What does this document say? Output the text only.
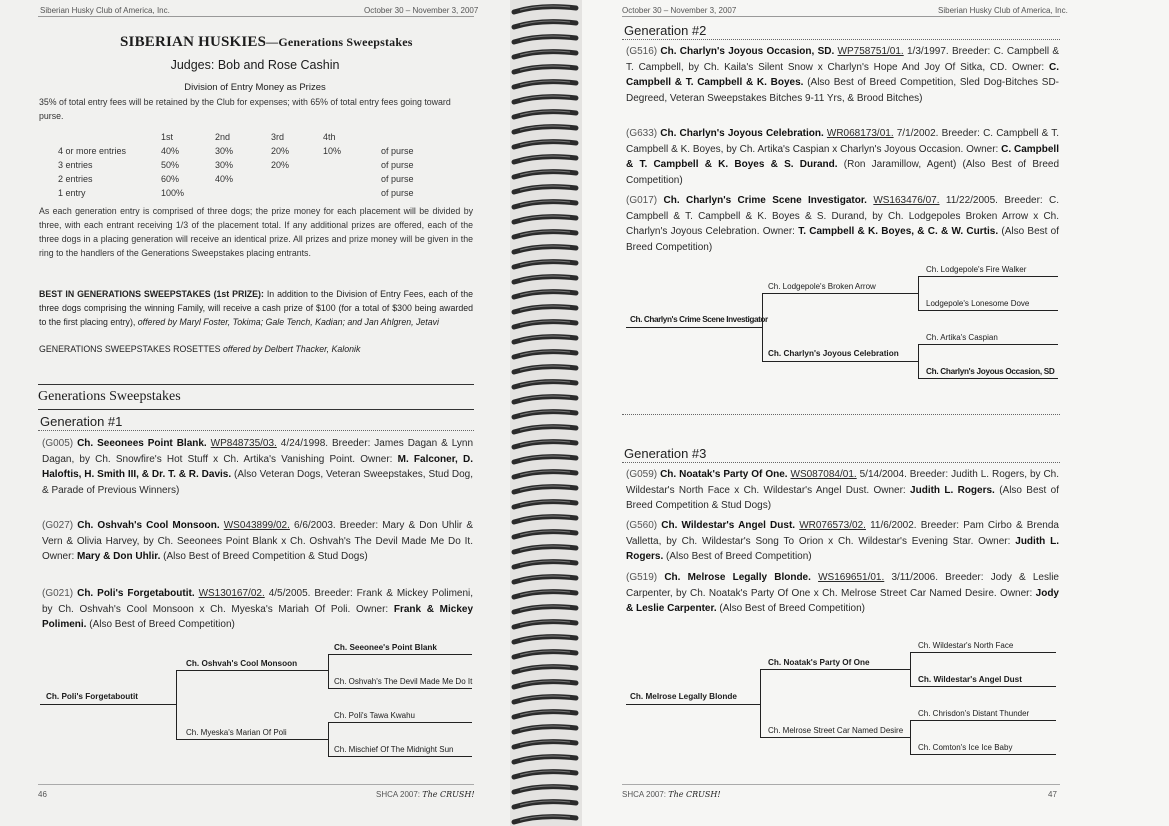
Siberian Husky Club of America, Inc.	October 30 – November 3, 2007
SIBERIAN HUSKIES—Generations Sweepstakes
Judges: Bob and Rose Cashin
Division of Entry Money as Prizes
35% of total entry fees will be retained by the Club for expenses; with 65% of total entry fees going toward purse.
	1st	2nd	3rd	4th	
4 or more entries	40%	30%	20%	10%	of purse
3 entries	50%	30%	20%		of purse
2 entries	60%	40%			of purse
1 entry	100%				of purse
As each generation entry is comprised of three dogs; the prize money for each placement will be divided by three, with each entrant receiving 1/3 of the placement total. If any additional prizes are offered, each of the three dogs in a placing generation will receive an identical prize. All prizes and prize money will be given in the ring to the handlers of the Generations Sweepstakes placing entrants.
BEST IN GENERATIONS SWEEPSTAKES (1st PRIZE): In addition to the Division of Entry Fees, each of the three dogs comprising the winning Family, will receive a cash prize of $100 (for a total of $300 being awarded to the first placing entry), offered by Maryl Foster, Tokima; Gale Tench, Kadian; and Jan Ahlgren, Jetavi
GENERATIONS SWEEPSTAKES ROSETTES offered by Delbert Thacker, Kalonik
Generations Sweepstakes
Generation #1
(G005) Ch. Seeonees Point Blank. WP848735/03. 4/24/1998. Breeder: James Dagan & Lynn Dagan, by Ch. Snowfire's Hot Stuff x Ch. Artika's Vanishing Point. Owner: M. Falconer, D. Haloftis, H. Smith III, & Dr. T. & R. Davis. (Also Veteran Dogs, Veteran Sweepstakes, Stud Dog, & Parade of Previous Winners)
(G027) Ch. Oshvah's Cool Monsoon. WS043899/02. 6/6/2003. Breeder: Mary & Don Uhlir & Vern & Olivia Harvey, by Ch. Seeonees Point Blank x Ch. Oshvah's The Devil Made Me Do It. Owner: Mary & Don Uhlir. (Also Best of Breed Competition & Stud Dogs)
(G021) Ch. Poli's Forgetaboutit. WS130167/02. 4/5/2005. Breeder: Frank & Mickey Polimeni, by Ch. Oshvah's Cool Monsoon x Ch. Myeska's Mariah Of Poli. Owner: Frank & Mickey Polimeni. (Also Best of Breed Competition)
Ch. Poli's Forgetaboutit
Ch. Oshvah's Cool Monsoon
Ch. Myeska's Marian Of Poli
Ch. Seeonee's Point Blank
Ch. Oshvah's The Devil Made Me Do It
Ch. Poli's Tawa Kwahu
Ch. Mischief Of The Midnight Sun
46	SHCA 2007: The CRUSH!
October 30 – November 3, 2007	Siberian Husky Club of America, Inc.
Generation #2
(G516) Ch. Charlyn's Joyous Occasion, SD. WP758751/01. 1/3/1997. Breeder: C. Campbell & T. Campbell, by Ch. Kaila's Silent Snow x Charlyn's Hope And Joy Of Sitka, CD. Owner: C. Campbell & T. Campbell & K. Boyes. (Also Best of Breed Competition, Sled Dog-Bitches SD-Degreed, Veteran Sweepstakes Bitches 9-11 Yrs, & Brood Bitches)
(G633) Ch. Charlyn's Joyous Celebration. WR068173/01. 7/1/2002. Breeder: C. Campbell & T. Campbell & K. Boyes, by Ch. Artika's Caspian x Charlyn's Joyous Occasion. Owner: C. Campbell & T. Campbell & K. Boyes & S. Durand. (Ron Jaramillow, Agent) (Also Best of Breed Competition)
(G017) Ch. Charlyn's Crime Scene Investigator. WS163476/07. 11/22/2005. Breeder: C. Campbell & T. Campbell & K. Boyes & S. Durand, by Ch. Lodgepoles Broken Arrow x Ch. Charlyn's Joyous Celebration. Owner: T. Campbell & K. Boyes, & C. & W. Curtis. (Also Best of Breed Competition)
Ch. Charlyn's Crime Scene Investigator
Ch. Lodgepole's Broken Arrow
Ch. Charlyn's Joyous Celebration
Ch. Lodgepole's Fire Walker
Lodgepole's Lonesome Dove
Ch. Artika's Caspian
Ch. Charlyn's Joyous Occasion, SD
Generation #3
(G059) Ch. Noatak's Party Of One. WS087084/01. 5/14/2004. Breeder: Judith L. Rogers, by Ch. Wildestar's North Face x Ch. Wildestar's Angel Dust. Owner: Judith L. Rogers. (Also Best of Breed Competition & Stud Dogs)
(G560) Ch. Wildestar's Angel Dust. WR076573/02. 11/6/2002. Breeder: Pam Cirbo & Brenda Valletta, by Ch. Wildestar's Song To Orion x Ch. Wildestar's Evening Star. Owner: Judith L. Rogers. (Also Best of Breed Competition)
(G519) Ch. Melrose Legally Blonde. WS169651/01. 3/11/2006. Breeder: Jody & Leslie Carpenter, by Ch. Noatak's Party Of One x Ch. Melrose Street Car Named Desire. Owner: Jody & Leslie Carpenter. (Also Best of Breed Competition)
Ch. Melrose Legally Blonde
Ch. Noatak's Party Of One
Ch. Melrose Street Car Named Desire
Ch. Wildestar's North Face
Ch. Wildestar's Angel Dust
Ch. Chrisdon's Distant Thunder
Ch. Comton's Ice Ice Baby
SHCA 2007: The CRUSH!	47
